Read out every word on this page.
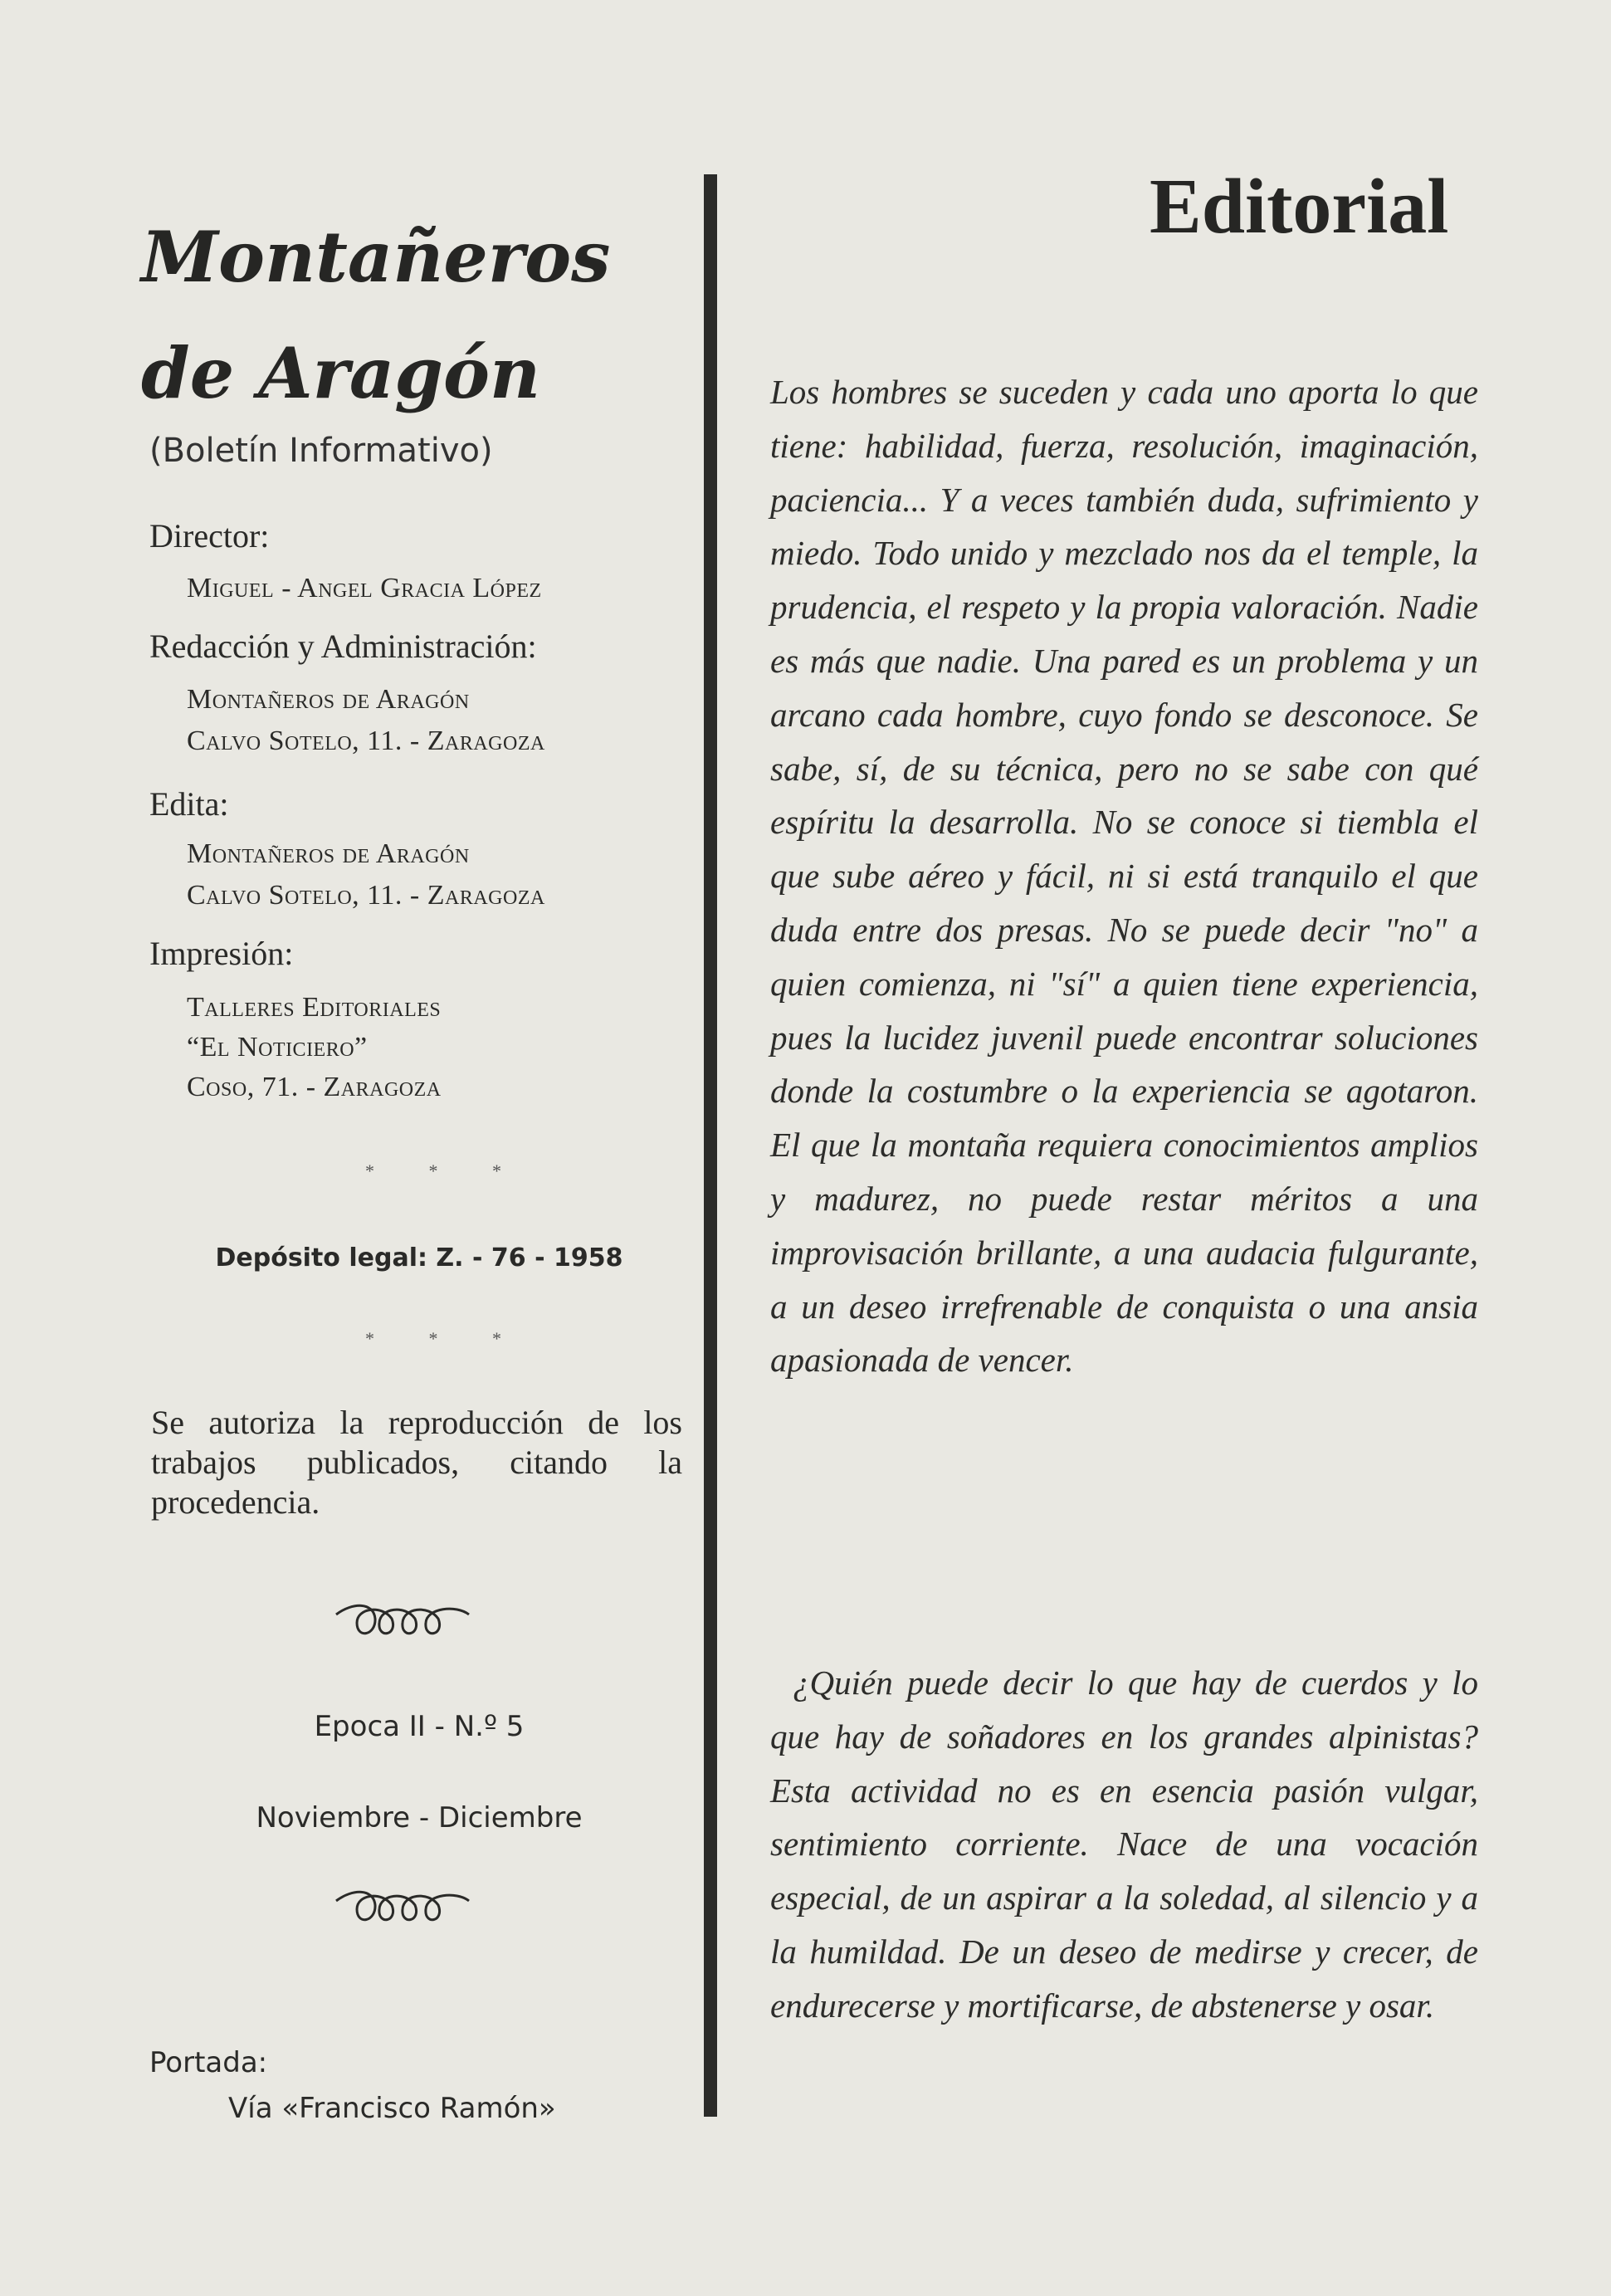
Montañeros
de Aragón
(Boletín Informativo)
Director:
Miguel - Angel Gracia López
Redacción y Administración:
Montañeros de Aragón
Calvo Sotelo, 11. - Zaragoza
Edita:
Montañeros de Aragón
Calvo Sotelo, 11. - Zaragoza
Impresión:
Talleres Editoriales
“El Noticiero”
Coso, 71. - Zaragoza
* * *
Depósito legal: Z. - 76 - 1958
* * *
Se autoriza la reproducción de los trabajos publicados, citando la procedencia.
Epoca II - N.º 5
Noviembre - Diciembre
Portada:
Vía «Francisco Ramón»
Editorial
Los hombres se suceden y cada uno aporta lo que tiene: habilidad, fuerza, resolución, imaginación, paciencia... Y a veces también duda, sufrimiento y miedo. Todo unido y mezclado nos da el temple, la prudencia, el respeto y la propia valoración. Nadie es más que nadie. Una pared es un problema y un arcano cada hombre, cuyo fondo se desconoce. Se sabe, sí, de su técnica, pero no se sabe con qué espíritu la desarrolla. No se conoce si tiembla el que sube aéreo y fácil, ni si está tranquilo el que duda entre dos presas. No se puede decir "no" a quien comienza, ni "sí" a quien tiene experiencia, pues la lucidez juvenil puede encontrar soluciones donde la costumbre o la experiencia se agotaron. El que la montaña requiera conocimientos amplios y madurez, no puede restar méritos a una improvisación brillante, a una audacia fulgurante, a un deseo irrefrenable de conquista o una ansia apasionada de vencer.
¿Quién puede decir lo que hay de cuerdos y lo que hay de soñadores en los grandes alpinistas? Esta actividad no es en esencia pasión vulgar, sentimiento corriente. Nace de una vocación especial, de un aspirar a la soledad, al silencio y a la humildad. De un deseo de medirse y crecer, de endurecerse y mortificarse, de abstenerse y osar.
